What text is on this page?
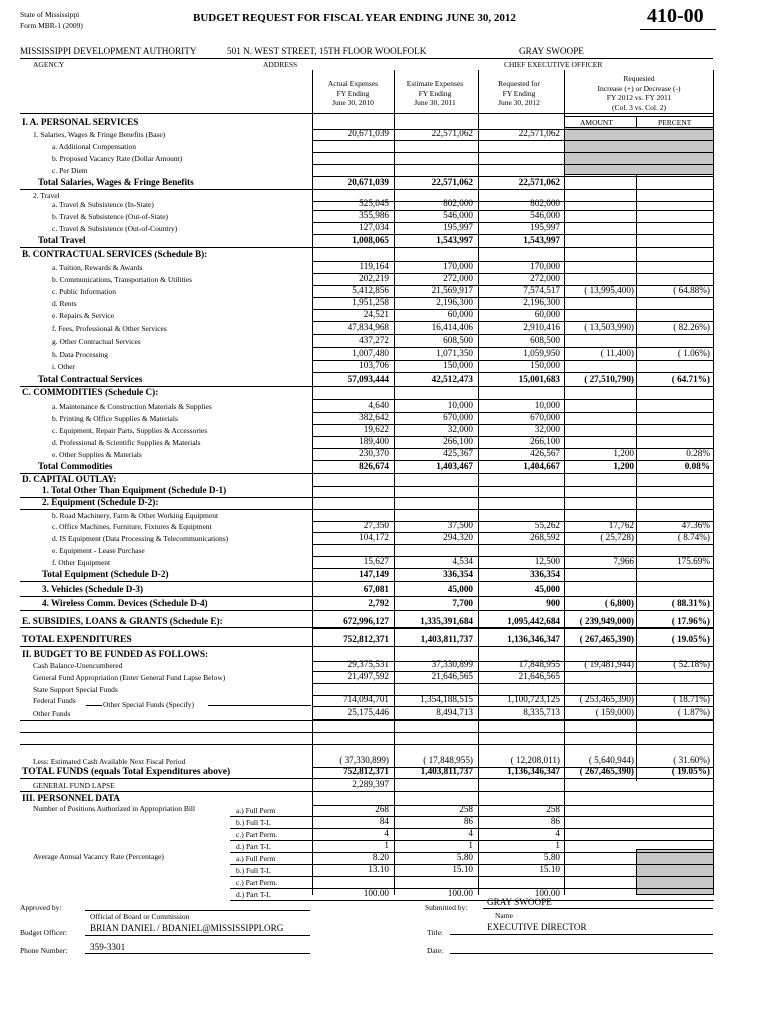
State of Mississippi
Form MBR-1 (2009)
BUDGET REQUEST FOR FISCAL YEAR ENDING JUNE 30, 2012	410-00
MISSISSIPPI DEVELOPMENT AUTHORITY	501 N. WEST STREET, 15TH FLOOR WOOLFOLK	GRAY SWOOPE
AGENCY	ADDRESS	CHIEF EXECUTIVE OFFICER
Actual Expenses
FY Ending
June 30, 2010
Estimate Expenses
FY Ending
June 30, 2011
Requested for
FY Ending
June 30, 2012
Requested
Increase (+) or Decrease (-)
FY 2012 vs. FY 2011
(Col. 3 vs. Col. 2)
AMOUNT	PERCENT
I. A. PERSONAL SERVICES
1. Salaries, Wages & Fringe Benefits (Base)	20,671,039	22,571,062	22,571,062
a. Additional Compensation
b. Proposed Vacancy Rate (Dollar Amount)
c. Per Diem
Total Salaries, Wages & Fringe Benefits	20,671,039	22,571,062	22,571,062
2. Travel
a. Travel & Subsistence (In-State)	525,045	802,000	802,000
b. Travel & Subsistence (Out-of-State)	355,986	546,000	546,000
c. Travel & Subsistence (Out-of-Country)	127,034	195,997	195,997
Total Travel	1,008,065	1,543,997	1,543,997
B. CONTRACTUAL SERVICES (Schedule B):
a. Tuition, Rewards & Awards	119,164	170,000	170,000
b. Communications, Transportation & Utilities	202,219	272,000	272,000
c. Public Information	5,412,856	21,569,917	7,574,517	( 13,995,400)	( 64.88%)
d. Rents	1,951,258	2,196,300	2,196,300
e. Repairs & Service	24,521	60,000	60,000
f. Fees, Professional & Other Services	47,834,968	16,414,406	2,910,416	( 13,503,990)	( 82.26%)
g. Other Contractual Services	437,272	608,500	608,500
h. Data Processing	1,007,480	1,071,350	1,059,950	( 11,400)	( 1.06%)
i. Other	103,706	150,000	150,000
Total Contractual Services	57,093,444	42,512,473	15,001,683	( 27,510,790)	( 64.71%)
C. COMMODITIES (Schedule C):
a. Maintenance & Construction Materials & Supplies	4,640	10,000	10,000
b. Printing & Office Supplies & Materials	382,642	670,000	670,000
c. Equipment, Repair Parts, Supplies & Accessories	19,622	32,000	32,000
d. Professional & Scientific Supplies & Materials	189,400	266,100	266,100
e. Other Supplies & Materials	230,370	425,367	426,567	1,200	0.28%
Total Commodities	826,674	1,403,467	1,404,667	1,200	0.08%
D. CAPITAL OUTLAY:
1. Total Other Than Equipment (Schedule D-1)
2. Equipment (Schedule D-2):
b. Road Machinery, Farm & Other Working Equipment
c. Office Machines, Furniture, Fixtures & Equipment	27,350	37,500	55,262	17,762	47.36%
d. IS Equipment (Data Processing & Telecommunications)	104,172	294,320	268,592	( 25,728)	( 8.74%)
e. Equipment - Lease Purchase
f. Other Equipment	15,627	4,534	12,500	7,966	175.69%
Total Equipment (Schedule D-2)	147,149	336,354	336,354
3. Vehicles (Schedule D-3)	67,081	45,000	45,000
4. Wireless Comm. Devices (Schedule D-4)	2,792	7,700	900	( 6,800)	( 88.31%)
E. SUBSIDIES, LOANS & GRANTS (Schedule E):	672,996,127	1,335,391,684	1,095,442,684	( 239,949,000)	( 17.96%)
TOTAL EXPENDITURES	752,812,371	1,403,811,737	1,136,346,347	( 267,465,390)	( 19.05%)
II. BUDGET TO BE FUNDED AS FOLLOWS:
Cash Balance-Unencumbered	29,375,531	37,330,899	17,848,955	( 19,481,944)	( 52.18%)
General Fund Appropriation (Enter General Fund Lapse Below)	21,497,592	21,646,565	21,646,565
State Support Special Funds
Federal Funds	714,094,701	1,354,188,515	1,100,723,125	( 253,465,390)	( 18.71%)
Other Funds	25,175,446	8,494,713	8,335,713	( 159,000)	( 1.87%)
Less: Estimated Cash Available Next Fiscal Period	( 37,330,899)	( 17,848,955)	( 12,208,011)	( 5,640,944)	( 31.60%)
TOTAL FUNDS (equals Total Expenditures above)	752,812,371	1,403,811,737	1,136,346,347	( 267,465,390)	( 19.05%)
GENERAL FUND LAPSE	2,289,397
III. PERSONNEL DATA
Other Special Funds (Specify)
Number of Positions Authorized in Appropriation Bill
Average Annual Vacancy Rate (Percentage)
a.) Full Perm	268	258	258
b.) Full T-L	84	86	86
c.) Part Perm.	4	4	4
d.) Part T-L	1	1	1
a.) Full Perm	8.20	5.80	5.80
b.) Full T-L	13.10	15.10	15.10
c.) Part Perm.
d.) Part T-L	100.00	100.00	100.00
Approved by:
Official of Board or Commission
Budget Officer: BRIAN DANIEL / BDANIEL@MISSISSIPPI.ORG
Phone Number: 359-3301
Submitted by:
GRAY SWOOPE
Name
Title:
EXECUTIVE DIRECTOR
Date:
